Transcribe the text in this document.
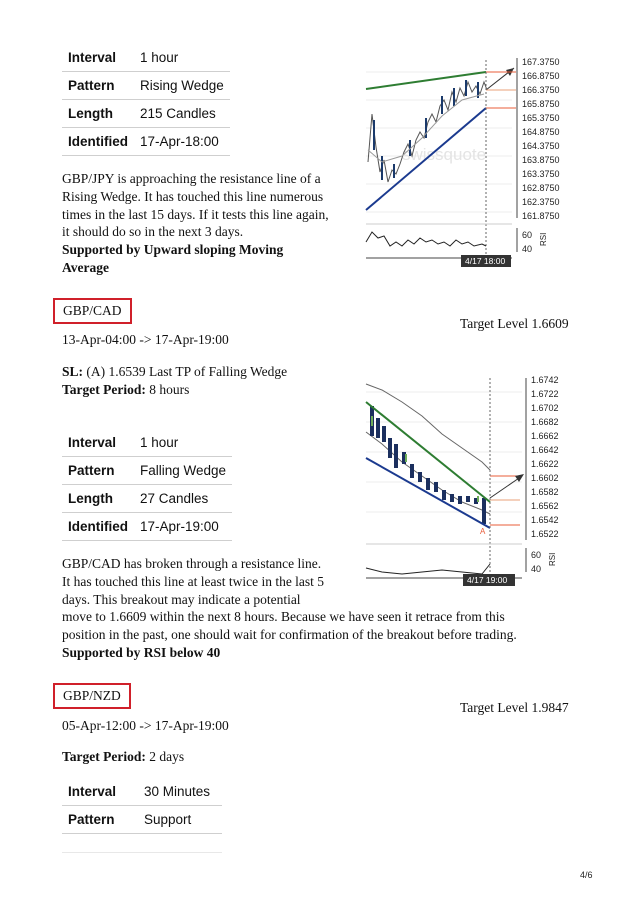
Interval	1 hour
Pattern	Rising Wedge
Length	215 Candles
Identified	17-Apr-18:00

GBP/JPY is approaching the resistance line of a

Rising Wedge. It has touched this line numerous

times in the last 15 days. If it tests this line again,

it should do so in the next 3 days.

Supported by Upward sloping Moving

Average

swissquote
167.3750
166.8750
166.3750
165.8750
165.3750
164.8750
164.3750
163.8750
163.3750
162.8750
162.3750
161.8750
60
40
RSI
4/17 18:00
GBP/CAD
Target Level 1.6609
13-Apr-04:00 -> 17-Apr-19:00
SL: (A) 1.6539 Last TP of Falling Wedge
Target Period: 8 hours
Interval	1 hour
Pattern	Falling Wedge
Length	27 Candles
Identified	17-Apr-19:00

GBP/CAD has broken through a resistance line.

It has touched this line at least twice in the last 5

days. This breakout may indicate a potential

move to 1.6609 within the next 8 hours. Because we have seen it retrace from this

position in the past, one should wait for confirmation of the breakout before trading.

Supported by RSI below 40

A
1.6742
1.6722
1.6702
1.6682
1.6662
1.6642
1.6622
1.6602
1.6582
1.6562
1.6542
1.6522
60
40
RSI
4/17 19:00
GBP/NZD
Target Level 1.9847
05-Apr-12:00 -> 17-Apr-19:00
Target Period: 2 days
Interval	30 Minutes
Pattern	Support
4/6
